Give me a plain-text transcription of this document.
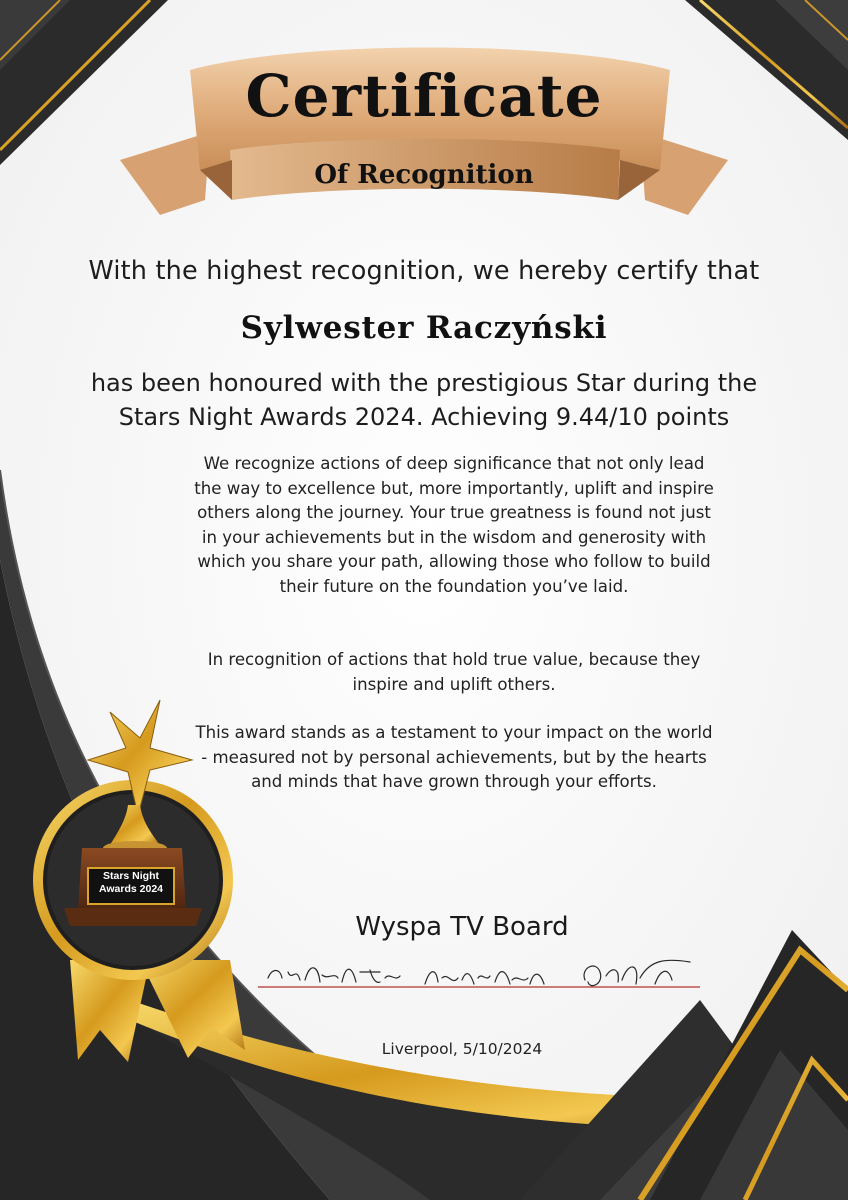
Certificate
Of Recognition
With the highest recognition, we hereby certify that
Sylwester Raczyński
has been honoured with the prestigious Star during the
Stars Night Awards 2024. Achieving 9.44/10 points
We recognize actions of deep significance that not only lead the way to excellence but, more importantly, uplift and inspire others along the journey. Your true greatness is found not just in your achievements but in the wisdom and generosity with which you share your path, allowing those who follow to build their future on the foundation you’ve laid.
In recognition of actions that hold true value, because they inspire and uplift others.
This award stands as a testament to your impact on the world - measured not by personal achievements, but by the hearts and minds that have grown through your efforts.
Wyspa TV Board
Liverpool, 5/10/2024
Stars Night
Awards 2024
